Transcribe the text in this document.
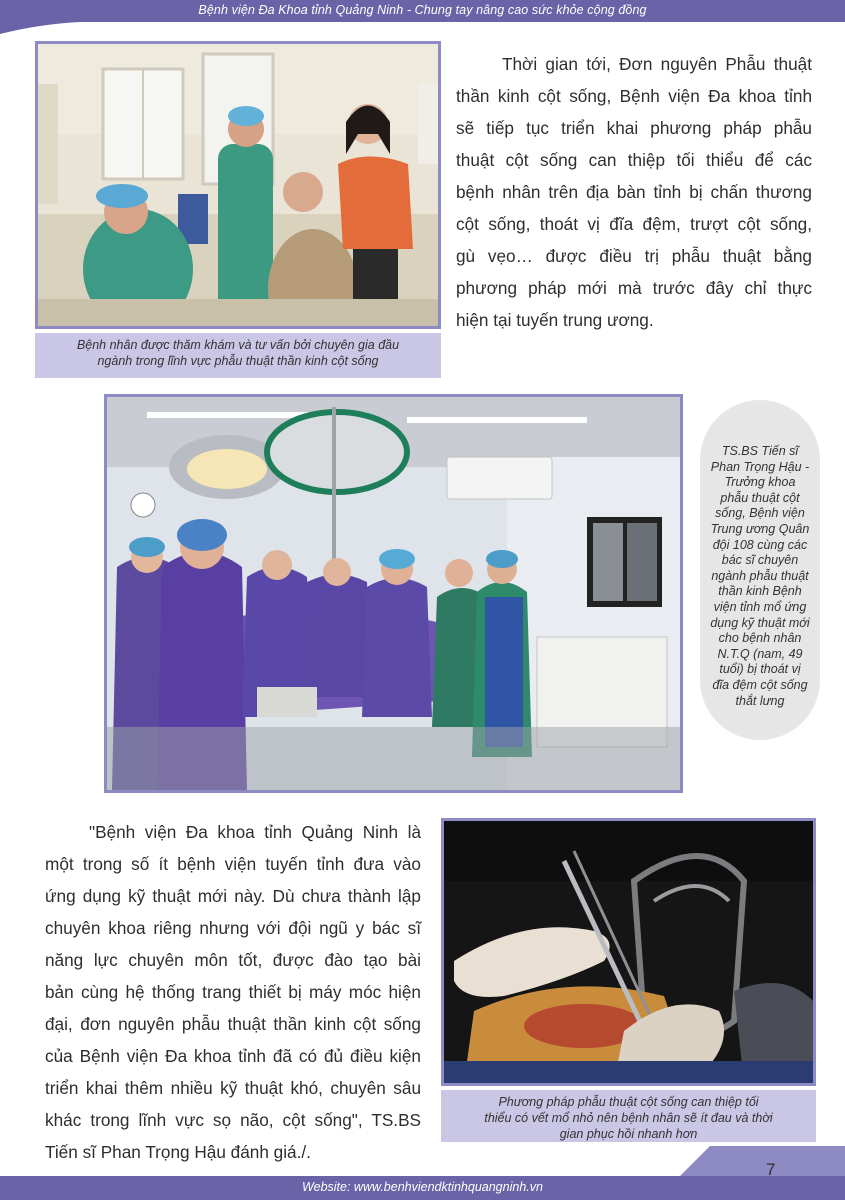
Bệnh viện Đa Khoa tỉnh Quảng Ninh - Chung tay nâng cao sức khỏe cộng đồng
Bệnh nhân được thăm khám và tư vấn bởi chuyên gia đầu
ngành trong lĩnh vực phẫu thuật thần kinh cột sống
Thời gian tới, Đơn nguyên Phẫu thuật
thần kinh cột sống, Bệnh viện Đa khoa tỉnh
sẽ tiếp tục triển khai phương pháp phẫu
thuật cột sống can thiệp tối thiểu để các
bệnh nhân trên địa bàn tỉnh bị chấn thương
cột sống, thoát vị đĩa đệm, trượt cột sống,
gù vẹo… được điều trị phẫu thuật bằng
phương pháp mới mà trước đây chỉ thực
hiện tại tuyến trung ương.
TS.BS Tiến sĩ
Phan Trọng Hậu -
Trưởng khoa
phẫu thuật cột
sống, Bệnh viện
Trung ương Quân
đội 108 cùng các
bác sĩ chuyên
ngành phẫu thuật
thần kinh Bệnh
viện tỉnh mổ ứng
dụng kỹ thuật mới
cho bệnh nhân
N.T.Q (nam, 49
tuổi) bị thoát vị
đĩa đệm cột sống
thắt lưng
"Bệnh viện Đa khoa tỉnh Quảng Ninh là
một trong số ít bệnh viện tuyến tỉnh đưa vào
ứng dụng kỹ thuật mới này. Dù chưa thành lập
chuyên khoa riêng nhưng với đội ngũ y bác sĩ
năng lực chuyên môn tốt, được đào tạo bài
bản cùng hệ thống trang thiết bị máy móc hiện
đại, đơn nguyên phẫu thuật thần kinh cột sống
của Bệnh viện Đa khoa tỉnh đã có đủ điều kiện
triển khai thêm nhiều kỹ thuật khó, chuyên sâu
khác trong lĩnh vực sọ não, cột sống", TS.BS
Tiến sĩ Phan Trọng Hậu đánh giá./.
Phương pháp phẫu thuật cột sống can thiệp tối
thiểu có vết mổ nhỏ nên bệnh nhân sẽ ít đau và thời
gian phục hồi nhanh hơn
7
Website: www.benhviendktinhquangninh.vn
